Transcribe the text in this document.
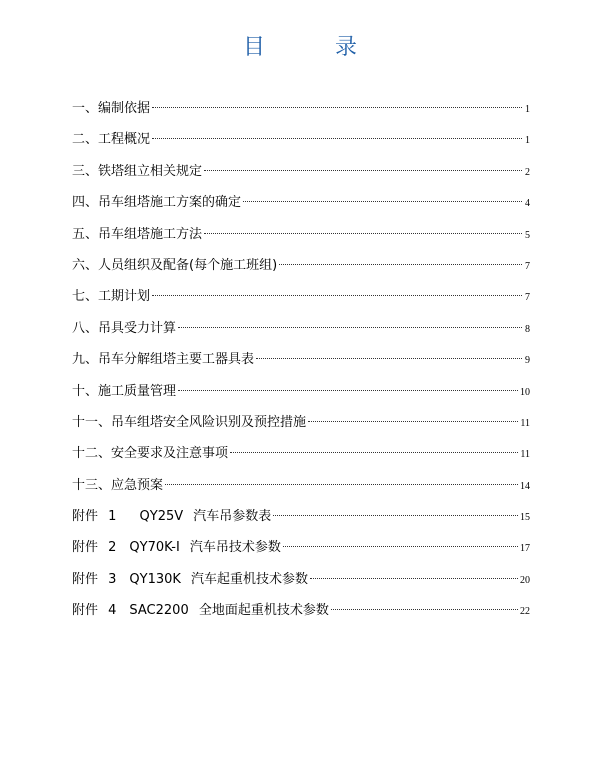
目　录
一、编制依据	1
二、工程概况	1
三、铁塔组立相关规定	2
四、吊车组塔施工方案的确定	4
五、吊车组塔施工方法	5
六、人员组织及配备(每个施工班组)	7
七、工期计划	7
八、吊具受力计算	8
九、吊车分解组塔主要工器具表	9
十、施工质量管理	10
十一、吊车组塔安全风险识别及预控措施	11
十二、安全要求及注意事项	11
十三、应急预案	14
附件 1　 QY25V 汽车吊参数表	15
附件 2　QY70K-I 汽车吊技术参数	17
附件 3　QY130K 汽车起重机技术参数	20
附件 4　SAC2200 全地面起重机技术参数	22
